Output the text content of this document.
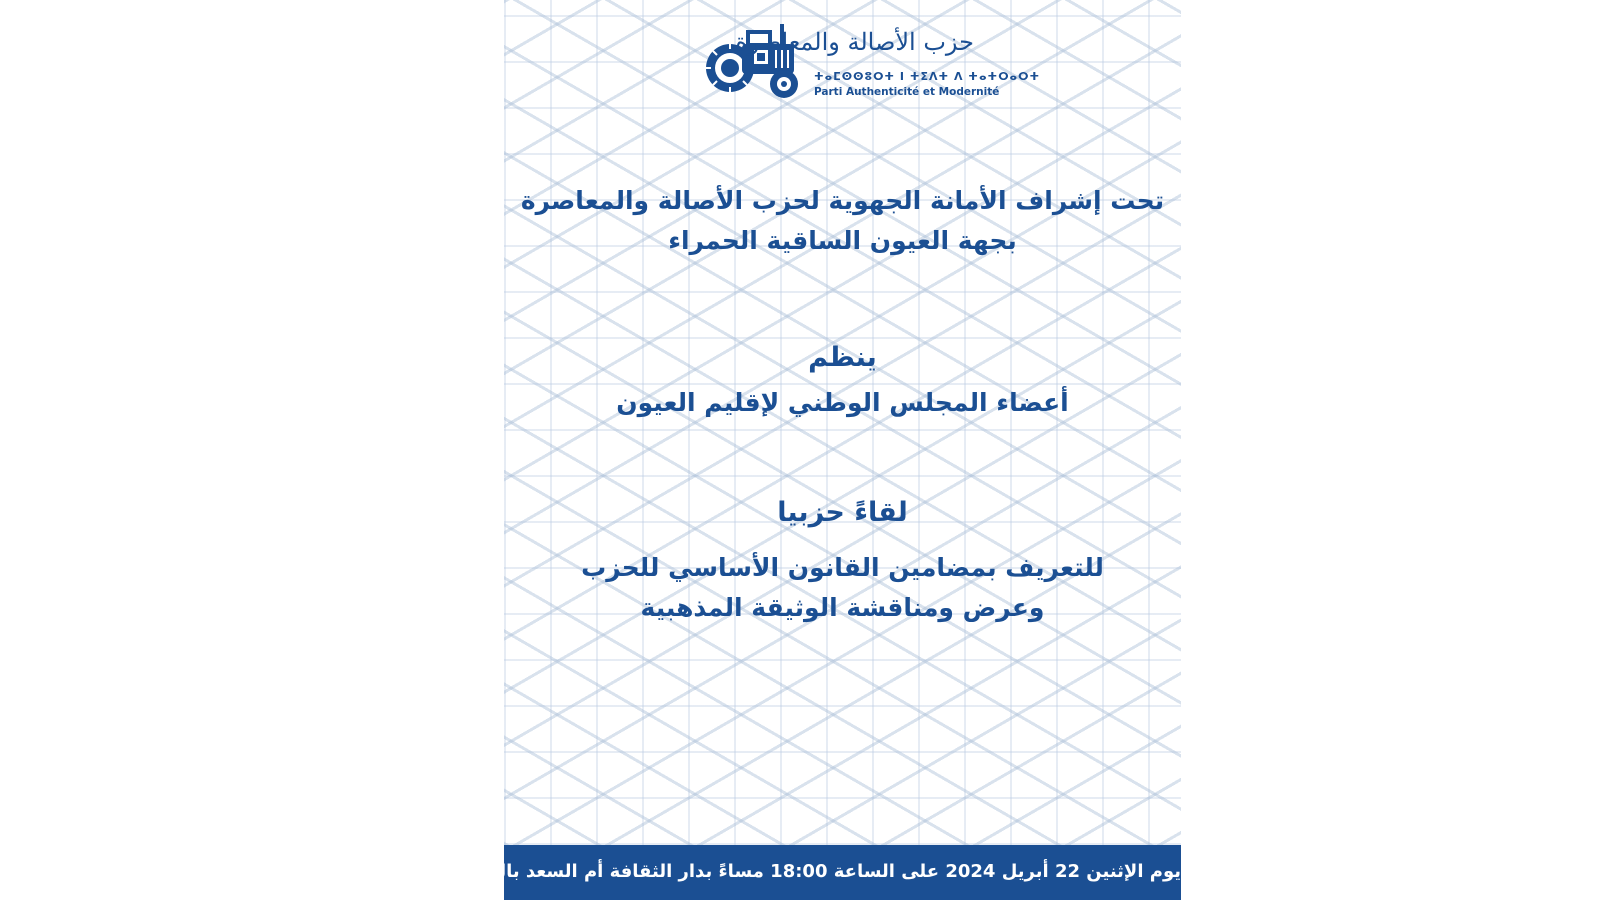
حزب الأصالة والمعاصرة
ⵜⴰⵎⵙⵙⵓⵔⵜ ⵏ ⵜⵉⴷⵜ ⴷ ⵜⴰⵜⵔⴰⵔⵜ
Parti Authenticité et Modernité
تحت إشراف الأمانة الجهوية لحزب الأصالة والمعاصرة
بجهة العيون الساقية الحمراء
ينظم
أعضاء المجلس الوطني لإقليم العيون
لقاءً حزبيا
للتعريف بمضامين القانون الأساسي للحزب
وعرض ومناقشة الوثيقة المذهبية
يوم الإثنين 22 أبريل 2024 على الساعة 18:00 مساءً بدار الثقافة أم السعد بالعيون
